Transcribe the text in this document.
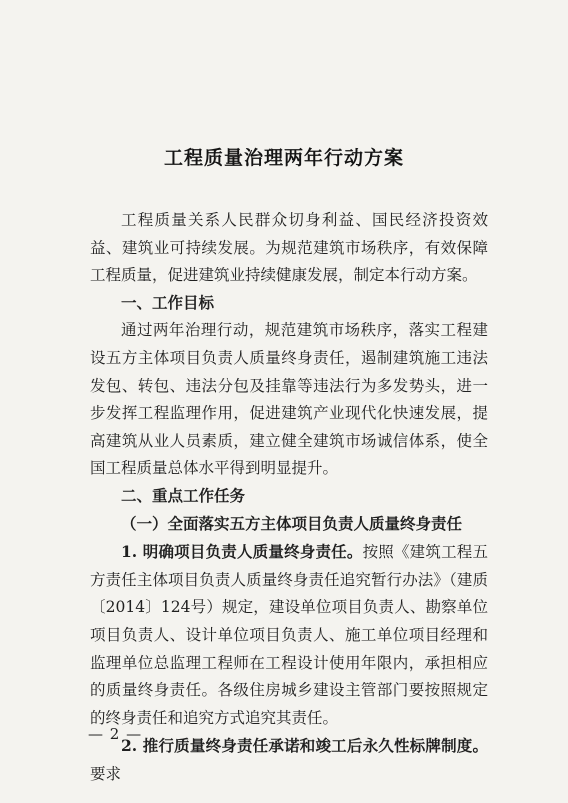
工程质量治理两年行动方案

工程质量关系人民群众切身利益、国民经济投资效益、建筑业可持续发展。为规范建筑市场秩序，有效保障工程质量，促进建筑业持续健康发展，制定本行动方案。

一、工作目标

通过两年治理行动，规范建筑市场秩序，落实工程建设五方主体项目负责人质量终身责任，遏制建筑施工违法发包、转包、违法分包及挂靠等违法行为多发势头，进一步发挥工程监理作用，促进建筑产业现代化快速发展，提高建筑从业人员素质，建立健全建筑市场诚信体系，使全国工程质量总体水平得到明显提升。

二、重点工作任务

（一）全面落实五方主体项目负责人质量终身责任

1. 明确项目负责人质量终身责任。按照《建筑工程五方责任主体项目负责人质量终身责任追究暂行办法》（建质〔2014〕124号）规定，建设单位项目负责人、勘察单位项目负责人、设计单位项目负责人、施工单位项目经理和监理单位总监理工程师在工程设计使用年限内，承担相应的质量终身责任。各级住房城乡建设主管部门要按照规定的终身责任和追究方式追究其责任。

2. 推行质量终身责任承诺和竣工后永久性标牌制度。要求

— 2 —
